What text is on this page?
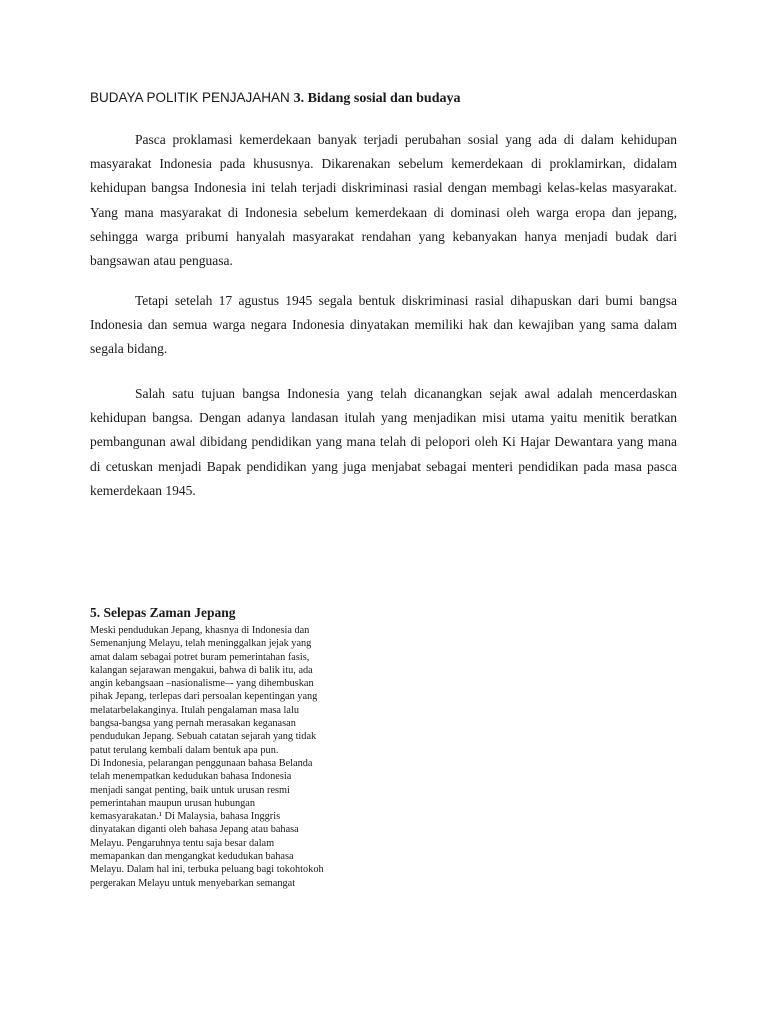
BUDAYA POLITIK PENJAJAHAN 3. Bidang sosial dan budaya

Pasca proklamasi kemerdekaan banyak terjadi perubahan sosial yang ada di dalam kehidupan masyarakat Indonesia pada khususnya. Dikarenakan sebelum kemerdekaan di proklamirkan, didalam kehidupan bangsa Indonesia ini telah terjadi diskriminasi rasial dengan membagi kelas-kelas masyarakat. Yang mana masyarakat di Indonesia sebelum kemerdekaan di dominasi oleh warga eropa dan jepang, sehingga warga pribumi hanyalah masyarakat rendahan yang kebanyakan hanya menjadi budak dari bangsawan atau penguasa.

Tetapi setelah 17 agustus 1945 segala bentuk diskriminasi rasial dihapuskan dari bumi bangsa Indonesia dan semua warga negara Indonesia dinyatakan memiliki hak dan kewajiban yang sama dalam segala bidang.

Salah satu tujuan bangsa Indonesia yang telah dicanangkan sejak awal adalah mencerdaskan kehidupan bangsa. Dengan adanya landasan itulah yang menjadikan misi utama yaitu menitik beratkan pembangunan awal dibidang pendidikan yang mana telah di pelopori oleh Ki Hajar Dewantara yang mana di cetuskan menjadi Bapak pendidikan yang juga menjabat sebagai menteri pendidikan pada masa pasca kemerdekaan 1945.

5. Selepas Zaman Jepang
Meski pendudukan Jepang, khasnya di Indonesia dan
Semenanjung Melayu, telah meninggalkan jejak yang
amat dalam sebagai potret buram pemerintahan fasis,
kalangan sejarawan mengakui, bahwa di balik itu, ada
angin kebangsaan –nasionalisme–- yang dihembuskan
pihak Jepang, terlepas dari persoalan kepentingan yang
melatarbelakanginya. Itulah pengalaman masa lalu
bangsa-bangsa yang pernah merasakan keganasan
pendudukan Jepang. Sebuah catatan sejarah yang tidak
patut terulang kembali dalam bentuk apa pun.
Di Indonesia, pelarangan penggunaan bahasa Belanda
telah menempatkan kedudukan bahasa Indonesia
menjadi sangat penting, baik untuk urusan resmi
pemerintahan maupun urusan hubungan
kemasyarakatan.¹ Di Malaysia, bahasa Inggris
dinyatakan diganti oleh bahasa Jepang atau bahasa
Melayu. Pengaruhnya tentu saja besar dalam
memapankan dan mengangkat kedudukan bahasa
Melayu. Dalam hal ini, terbuka peluang bagi tokohtokoh
pergerakan Melayu untuk menyebarkan semangat
